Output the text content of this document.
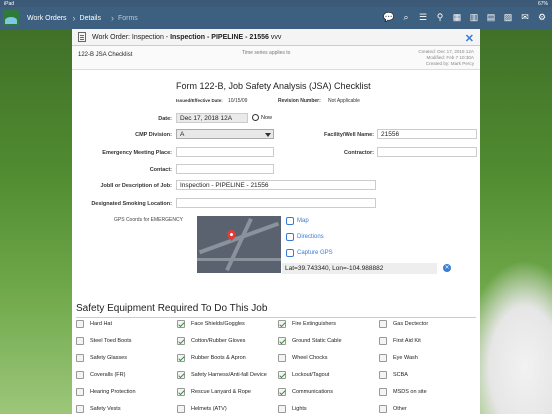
iPad	67%
Work Orders › Details › Forms	💬 ⌕	☰	⚲	▦ ▥ ▤ ▨ ✉ ⚙
Work Order: Inspection - Inspection - PIPELINE - 21556 vvv	✕
122-B JSA Checklist	Time series applies to	Created: Dec 17, 2018 12A
Modified: Feb 7 10:30A
Created by: Mark Percy
Form 122-B, Job Safety Analysis (JSA) Checklist
Issued/Effective Date: 10/15/09	Revision Number: Not Applicable
Date:	Dec 17, 2018 12A	Now
CMP Division:	A	Facility/Well Name:	21556
Emergency Meeting Place:	Contractor:
Contact:
JobII or Description of Job:	Inspection - PIPELINE - 21556
Designated Smoking Location:
GPS Coords for EMERGENCY	Map
Directions
Capture GPS
Lat=39.743340, Lon=-104.988882	✕
Safety Equipment Required To Do This Job
Hard Hat	Face Shields/Goggles	Fire Extinguishers	Gas Dectector
Steel Toed Boots	Cotton/Rubber Gloves	Ground Static Cable	First Aid Kit
Safety Glasses	Rubber Boots & Apron	Wheel Chocks	Eye Wash
Coveralls (FR)	Safety Harness/Anti-fall Device	Lockout/Tagout	SCBA
Hearing Protection	Rescue Lanyard & Rope	Communications	MSDS on site
Safety Vests	Helmets (ATV)	Lights	Other
